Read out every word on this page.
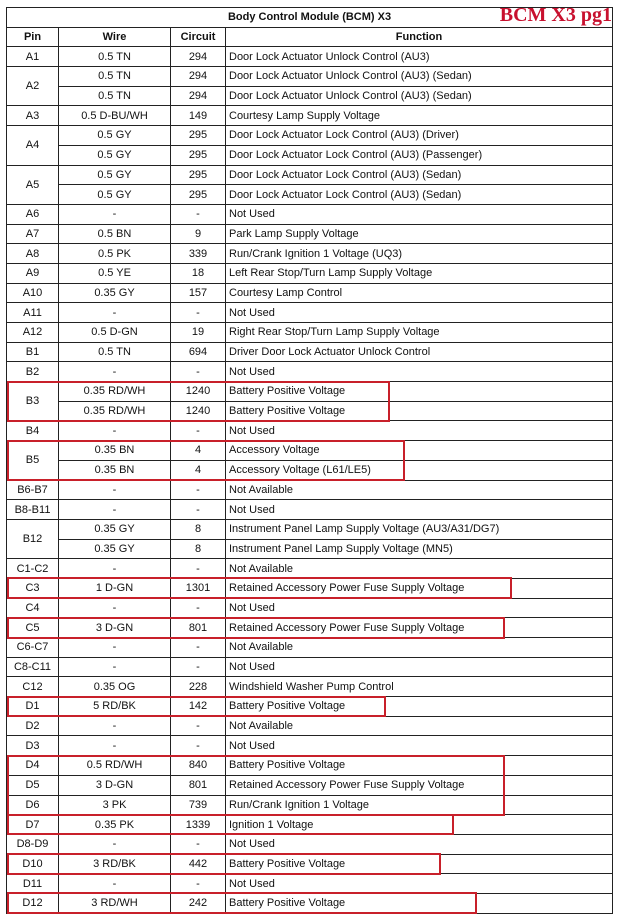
Body Control Module (BCM) X3			
Pin	Wire	Circuit	Function
A1	0.5 TN	294	Door Lock Actuator Unlock Control (AU3)
A2	0.5 TN	294	Door Lock Actuator Unlock Control (AU3) (Sedan)
	0.5 TN	294	Door Lock Actuator Unlock Control (AU3) (Sedan)
A3	0.5 D-BU/WH	149	Courtesy Lamp Supply Voltage
A4	0.5 GY	295	Door Lock Actuator Lock Control (AU3) (Driver)
	0.5 GY	295	Door Lock Actuator Lock Control (AU3) (Passenger)
A5	0.5 GY	295	Door Lock Actuator Lock Control (AU3) (Sedan)
	0.5 GY	295	Door Lock Actuator Lock Control (AU3) (Sedan)
A6	-	-	Not Used
A7	0.5 BN	9	Park Lamp Supply Voltage
A8	0.5 PK	339	Run/Crank Ignition 1 Voltage (UQ3)
A9	0.5 YE	18	Left Rear Stop/Turn Lamp Supply Voltage
A10	0.35 GY	157	Courtesy Lamp Control
A11	-	-	Not Used
A12	0.5 D-GN	19	Right Rear Stop/Turn Lamp Supply Voltage
B1	0.5 TN	694	Driver Door Lock Actuator Unlock Control
B2	-	-	Not Used
B3	0.35 RD/WH	1240	Battery Positive Voltage
	0.35 RD/WH	1240	Battery Positive Voltage
B4	-	-	Not Used
B5	0.35 BN	4	Accessory Voltage
	0.35 BN	4	Accessory Voltage (L61/LE5)
B6-B7	-	-	Not Available
B8-B11	-	-	Not Used
B12	0.35 GY	8	Instrument Panel Lamp Supply Voltage (AU3/A31/DG7)
	0.35 GY	8	Instrument Panel Lamp Supply Voltage (MN5)
C1-C2	-	-	Not Available
C3	1 D-GN	1301	Retained Accessory Power Fuse Supply Voltage
C4	-	-	Not Used
C5	3 D-GN	801	Retained Accessory Power Fuse Supply Voltage
C6-C7	-	-	Not Available
C8-C11	-	-	Not Used
C12	0.35 OG	228	Windshield Washer Pump Control
D1	5 RD/BK	142	Battery Positive Voltage
D2	-	-	Not Available
D3	-	-	Not Used
D4	0.5 RD/WH	840	Battery Positive Voltage
D5	3 D-GN	801	Retained Accessory Power Fuse Supply Voltage
D6	3 PK	739	Run/Crank Ignition 1 Voltage
D7	0.35 PK	1339	Ignition 1 Voltage
D8-D9	-	-	Not Used
D10	3 RD/BK	442	Battery Positive Voltage
D11	-	-	Not Used
D12	3 RD/WH	242	Battery Positive Voltage
BCM X3 pg1
